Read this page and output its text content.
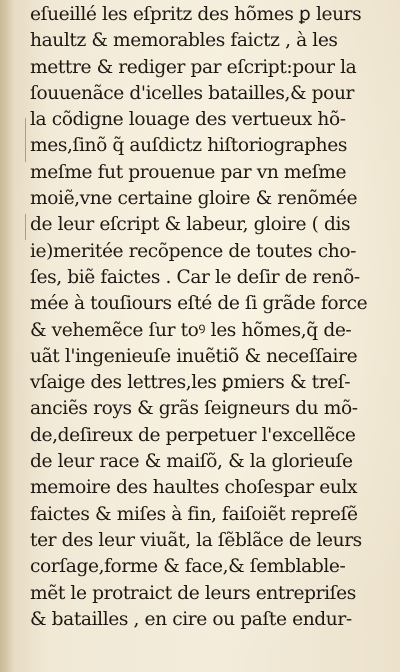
eſueillé les eſpritz des hõmes ꝑ leurs
haultz & memorables faictz , à les
mettre & rediger par eſcript:pour la
ſouuenãce d'icelles batailles,& pour
la cõdigne louage des vertueux hõ-
mes,ſinõ q̃ auſdictz hiſtoriographes
meſme fut prouenue par vn meſme
moiẽ,vne certaine gloire & renõmée
de leur eſcript & labeur, gloire ( dis
ie)meritée recõpence de toutes cho-
ſes, biẽ faictes . Car le deſir de renõ-
mée à touſiours eſté de ſi grãde force
& vehemẽce ſur toꝰ les hõmes,q̃ de-
uãt l'ingenieuſe inuẽtiõ & neceſſaire
vſaige des lettres,les ꝑmiers & treſ-
anciẽs roys & grãs ſeigneurs du mõ-
de,deſireux de perpetuer l'excellẽce
de leur race & maiſõ, & la glorieuſe
memoire des haultes choſespar eulx
faictes & miſes à fin, faiſoiẽt repreſẽ
ter des leur viuãt, la ſẽblãce de leurs
corſage,forme & face,& ſemblable-
mẽt le protraict de leurs entrepriſes
& batailles , en cire ou paſte endur-
